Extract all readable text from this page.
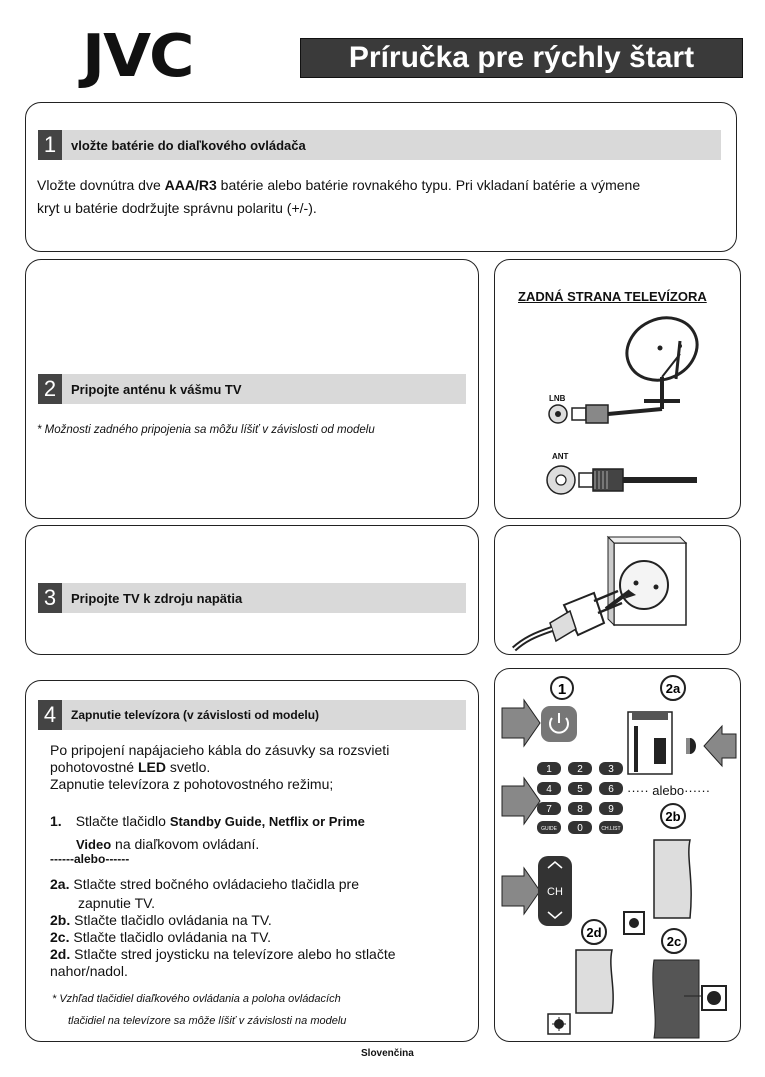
JVC	Príručka pre rýchly štart
1	vložte batérie do diaľkového ovládača
Vložte dovnútra dve AAA/R3 batérie alebo batérie rovnakého typu. Pri vkladaní batérie a výmene
kryt u batérie dodržujte správnu polaritu (+/-).
2	Pripojte anténu k vášmu TV
* Možnosti zadného pripojenia sa môžu líšiť v závislosti od modelu
ZADNÁ STRANA TELEVÍZORA
LNB
ANT
3	Pripojte TV k zdroju napätia
4	Zapnutie televízora (v závislosti od modelu)
Po pripojení napájacieho kábla do zásuvky sa rozsvieti
pohotovostné LED svetlo.
Zapnutie televízora z pohotovostného režimu;
1. Stlačte tlačidlo Standby Guide, Netflix or Prime
Video na diaľkovom ovládaní.
------alebo------
2a. Stlačte stred bočného ovládacieho tlačidla pre
zapnutie TV.
2b. Stlačte tlačidlo ovládania na TV.
2c. Stlačte tlačidlo ovládania na TV.
2d. Stlačte stred joysticku na televízore alebo ho stlačte
nahor/nadol.
* Vzhľad tlačidiel diaľkového ovládania a poloha ovládacích
tlačidiel na televízore sa môže líšiť v závislosti na modelu
1	2a
1	2	3
4	5	6
7	8	9
GUIDE 0	CH.LIST
2b
CH
2d
2c
····· alebo······
Slovenčina
